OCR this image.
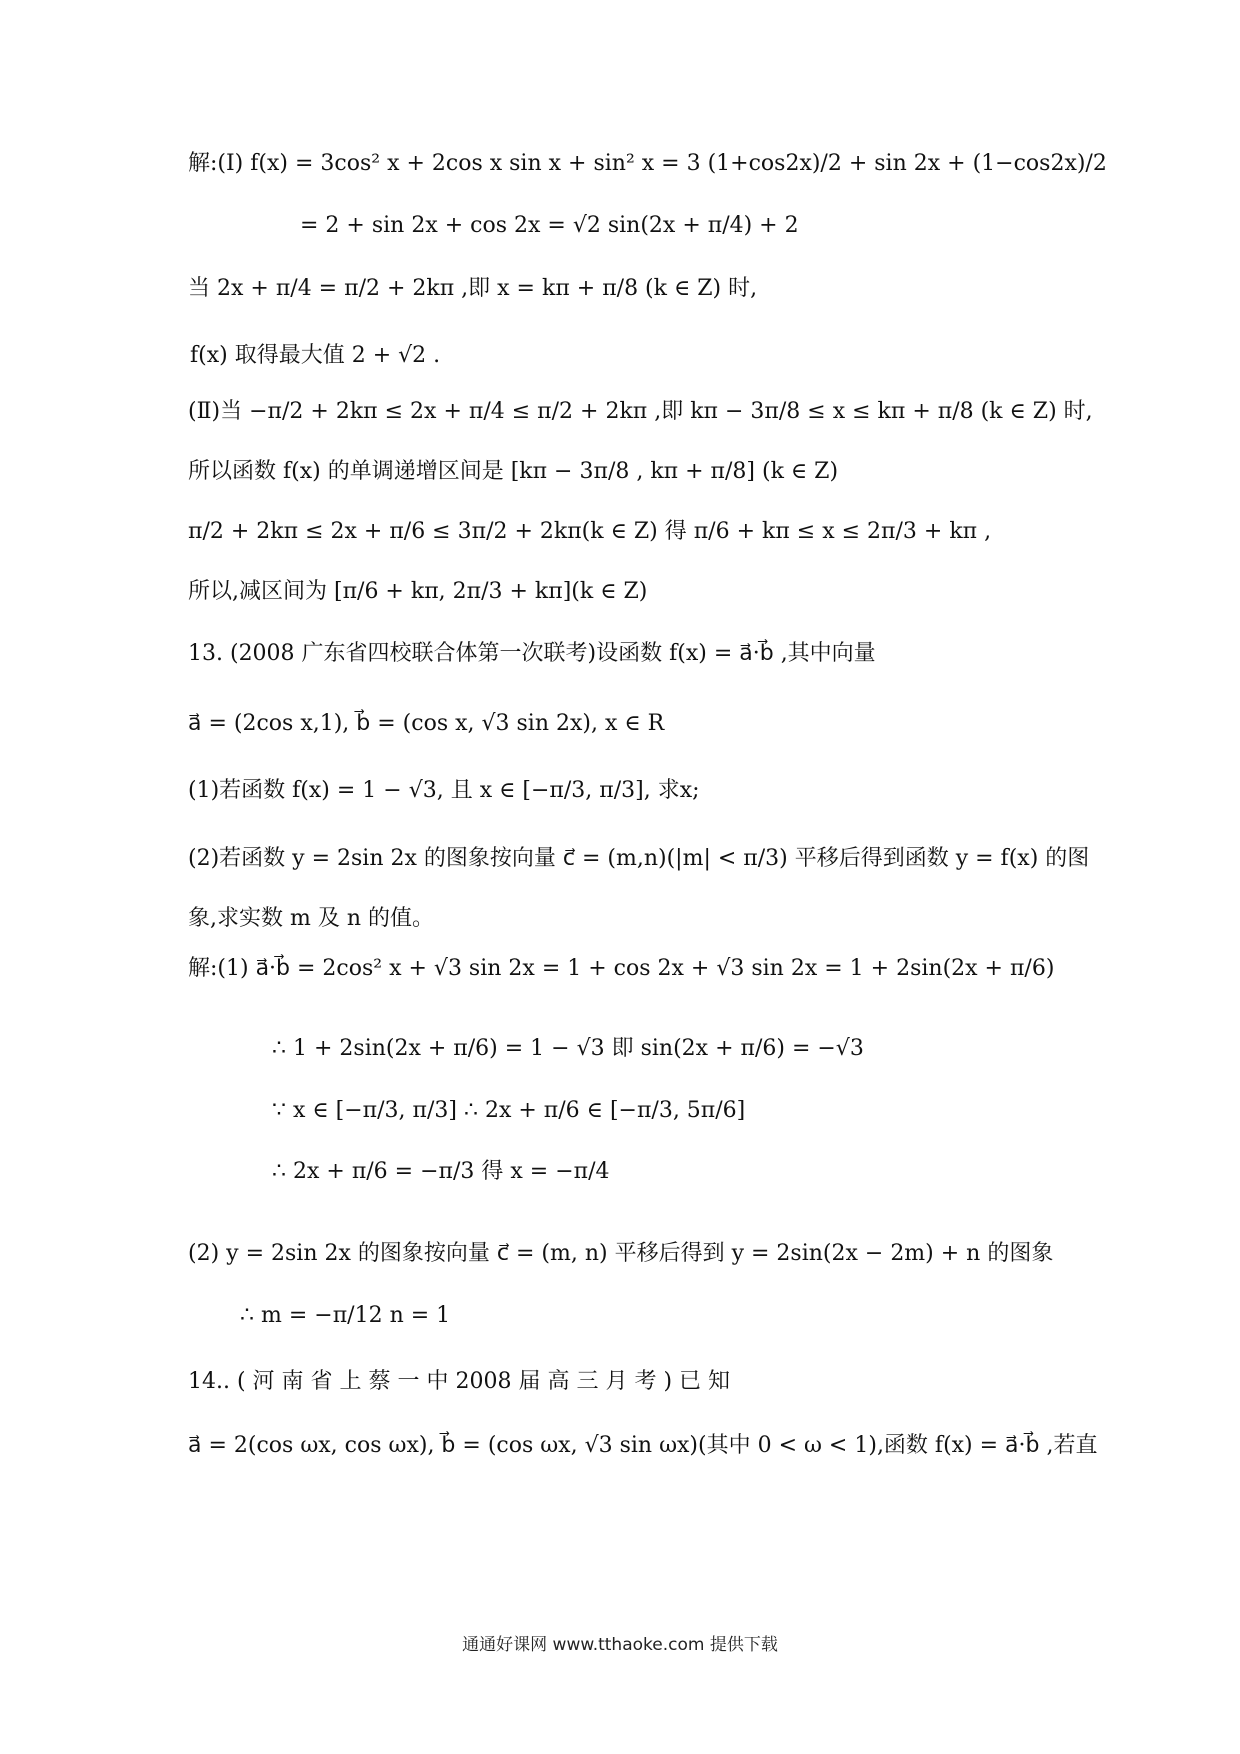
解:(Ⅰ) f(x) = 3cos² x + 2cos x sin x + sin² x = 3 (1+cos2x)/2 + sin 2x + (1−cos2x)/2
= 2 + sin 2x + cos 2x = √2 sin(2x + π/4) + 2
当 2x + π/4 = π/2 + 2kπ ,即 x = kπ + π/8 (k ∈ Z) 时,
f(x) 取得最大值 2 + √2 .
(Ⅱ)当 −π/2 + 2kπ ≤ 2x + π/4 ≤ π/2 + 2kπ ,即 kπ − 3π/8 ≤ x ≤ kπ + π/8 (k ∈ Z) 时,
所以函数 f(x) 的单调递增区间是 [kπ − 3π/8 , kπ + π/8] (k ∈ Z)
π/2 + 2kπ ≤ 2x + π/6 ≤ 3π/2 + 2kπ(k ∈ Z) 得 π/6 + kπ ≤ x ≤ 2π/3 + kπ ,
所以,减区间为 [π/6 + kπ, 2π/3 + kπ](k ∈ Z)
13. (2008 广东省四校联合体第一次联考)设函数 f(x) = a⃗·b⃗ ,其中向量
a⃗ = (2cos x,1), b⃗ = (cos x, √3 sin 2x), x ∈ R
(1)若函数 f(x) = 1 − √3, 且 x ∈ [−π/3, π/3], 求x;
(2)若函数 y = 2sin 2x 的图象按向量 c⃗ = (m,n)(|m| < π/3) 平移后得到函数 y = f(x) 的图
象,求实数 m 及 n 的值。
解:(1) a⃗·b⃗ = 2cos² x + √3 sin 2x = 1 + cos 2x + √3 sin 2x = 1 + 2sin(2x + π/6)
∴ 1 + 2sin(2x + π/6) = 1 − √3 即 sin(2x + π/6) = −√3
∵ x ∈ [−π/3, π/3] ∴ 2x + π/6 ∈ [−π/3, 5π/6]
∴ 2x + π/6 = −π/3 得 x = −π/4
(2) y = 2sin 2x 的图象按向量 c⃗ = (m, n) 平移后得到 y = 2sin(2x − 2m) + n 的图象
∴ m = −π/12 n = 1
14.. ( 河 南 省 上 蔡 一 中 2008 届 高 三 月 考 ) 已 知
a⃗ = 2(cos ωx, cos ωx), b⃗ = (cos ωx, √3 sin ωx)(其中 0 < ω < 1),函数 f(x) = a⃗·b⃗ ,若直
通通好课网 www.tthaoke.com 提供下载
